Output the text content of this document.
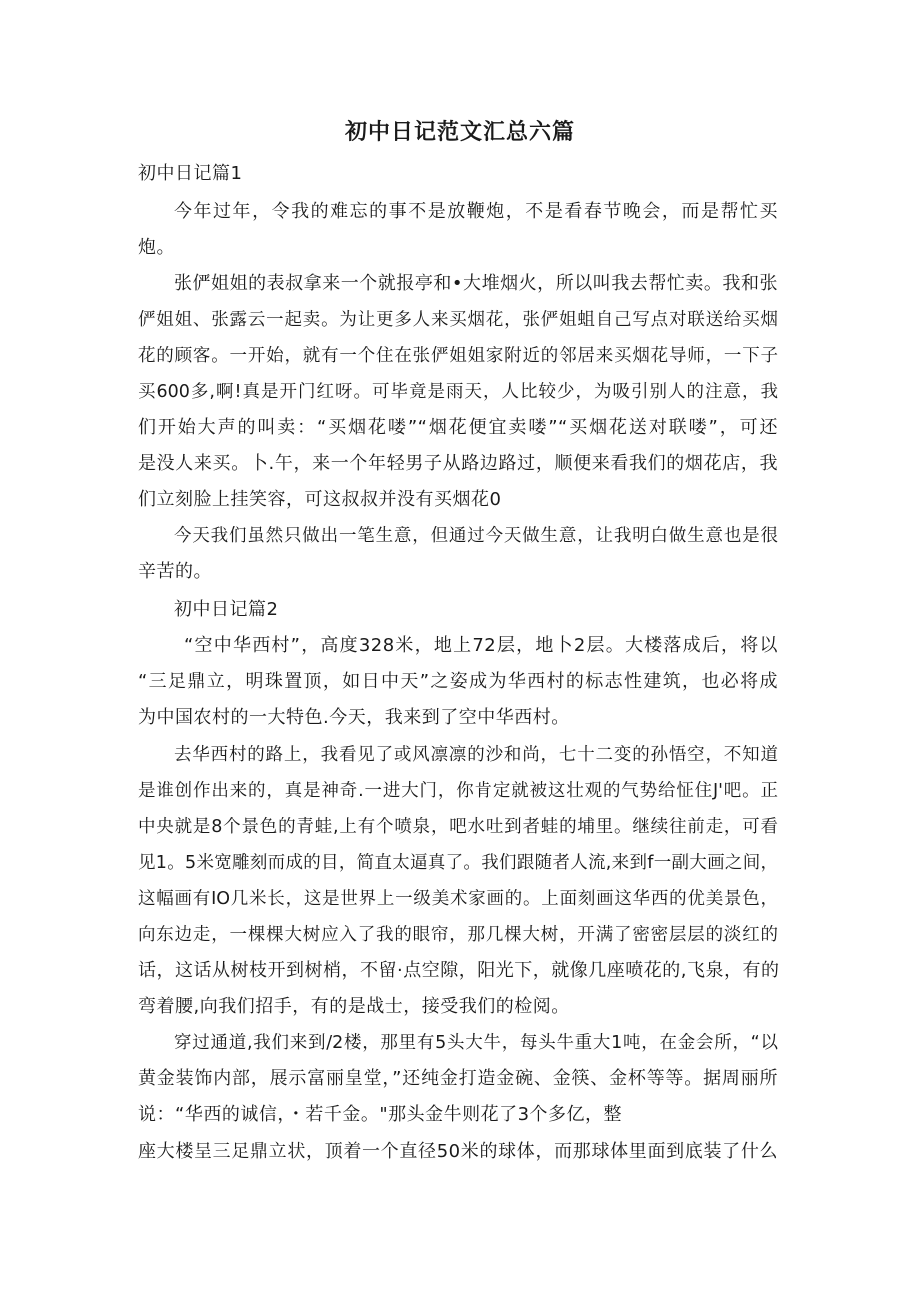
初中日记范文汇总六篇
初中日记篇1
今年过年，令我的难忘的事不是放鞭炮，不是看春节晚会，而是帮忙买
炮。
张俨姐姐的表叔拿来一个就报亭和•大堆烟火，所以叫我去帮忙卖。我和张
俨姐姐、张露云一起卖。为让更多人来买烟花，张俨姐蛆自己写点对联送给买烟
花的顾客。一开始，就有一个住在张俨姐姐家附近的邻居来买烟花导师，一下子
买600多,啊!真是开门红呀。可毕竟是雨天，人比较少，为吸引别人的注意，我
们开始大声的叫卖：“买烟花喽”“烟花便宜卖喽”“买烟花送对联喽”，可还
是没人来买。卜.午，来一个年轻男子从路边路过，顺便来看我们的烟花店，我
们立刻脸上挂笑容，可这叔叔并没有买烟花0
今天我们虽然只做出一笔生意，但通过今天做生意，让我明白做生意也是很
辛苦的。
初中日记篇2
“空中华西村”，高度328米，地上72层，地卜2层。大楼落成后，将以
“三足鼎立，明珠置顶，如日中天”之姿成为华西村的标志性建筑，也必将成
为中国农村的一大特色.今天，我来到了空中华西村。
去华西村的路上，我看见了或风凛凛的沙和尚，七十二变的孙悟空，不知道
是谁创作出来的，真是神奇.一进大门，你肯定就被这壮观的气势给怔住J'吧。正
中央就是8个景色的青蛙,上有个喷泉，吧水吐到者蛙的埔里。继续往前走，可看
见1。5米宽雕刻而成的目，简直太逼真了。我们跟随者人流,来到f一副大画之间，
这幅画有IO几米长，这是世界上一级美术家画的。上面刻画这华西的优美景色，
向东边走，一棵棵大树应入了我的眼帘，那几棵大树，开满了密密层层的淡红的
话，这话从树枝开到树梢，不留·点空隙，阳光下，就像几座喷花的,飞泉，有的
弯着腰,向我们招手，有的是战士，接受我们的检阅。
穿过通道,我们来到/2楼，那里有5头大牛，每头牛重大1吨，在金会所，“以
黄金装饰内部，展示富丽皇堂，”还纯金打造金碗、金筷、金杯等等。据周丽所
说：“华西的诚信，・若千金。"那头金牛则花了3个多亿，整
座大楼呈三足鼎立状，顶着一个直径50米的球体，而那球体里面到底装了什么
